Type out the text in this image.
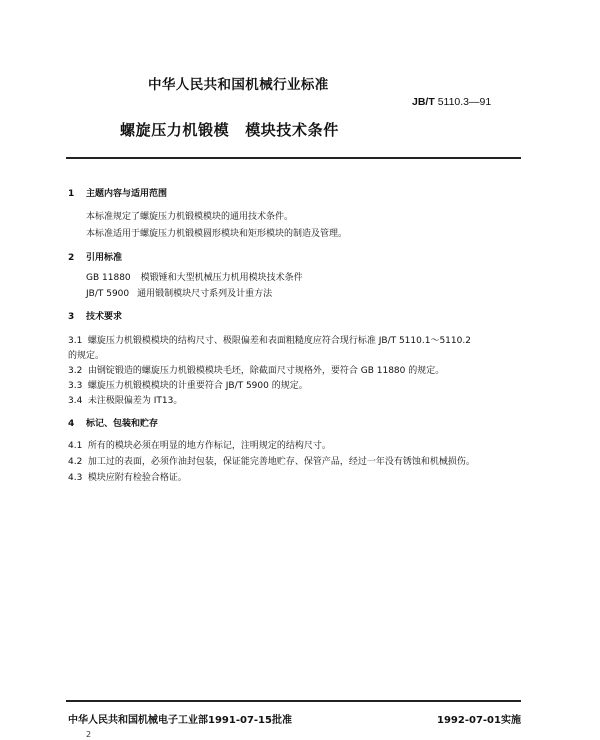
中华人民共和国机械行业标准
JB/T 5110.3—91
螺旋压力机锻模 模块技术条件
1 主题内容与适用范围
本标准规定了螺旋压力机锻模模块的通用技术条件。
本标准适用于螺旋压力机锻模圆形模块和矩形模块的制造及管理。
2 引用标准
GB 11880 模锻锤和大型机械压力机用模块技术条件
JB/T 5900 通用锻制模块尺寸系列及计重方法
3 技术要求
3.1 螺旋压力机锻模模块的结构尺寸、极限偏差和表面粗糙度应符合现行标准 JB/T 5110.1～5110.2
的规定。
3.2 由钢锭锻造的螺旋压力机锻模模块毛坯，除截面尺寸规格外，要符合 GB 11880 的规定。
3.3 螺旋压力机锻模模块的计重要符合 JB/T 5900 的规定。
3.4 未注极限偏差为 IT13。
4 标记、包装和贮存
4.1 所有的模块必须在明显的地方作标记，注明规定的结构尺寸。
4.2 加工过的表面，必须作油封包装，保证能完善地贮存、保管产品，经过一年没有锈蚀和机械损伤。
4.3 模块应附有检验合格证。
中华人民共和国机械电子工业部1991-07-15批准	1992-07-01实施
2
